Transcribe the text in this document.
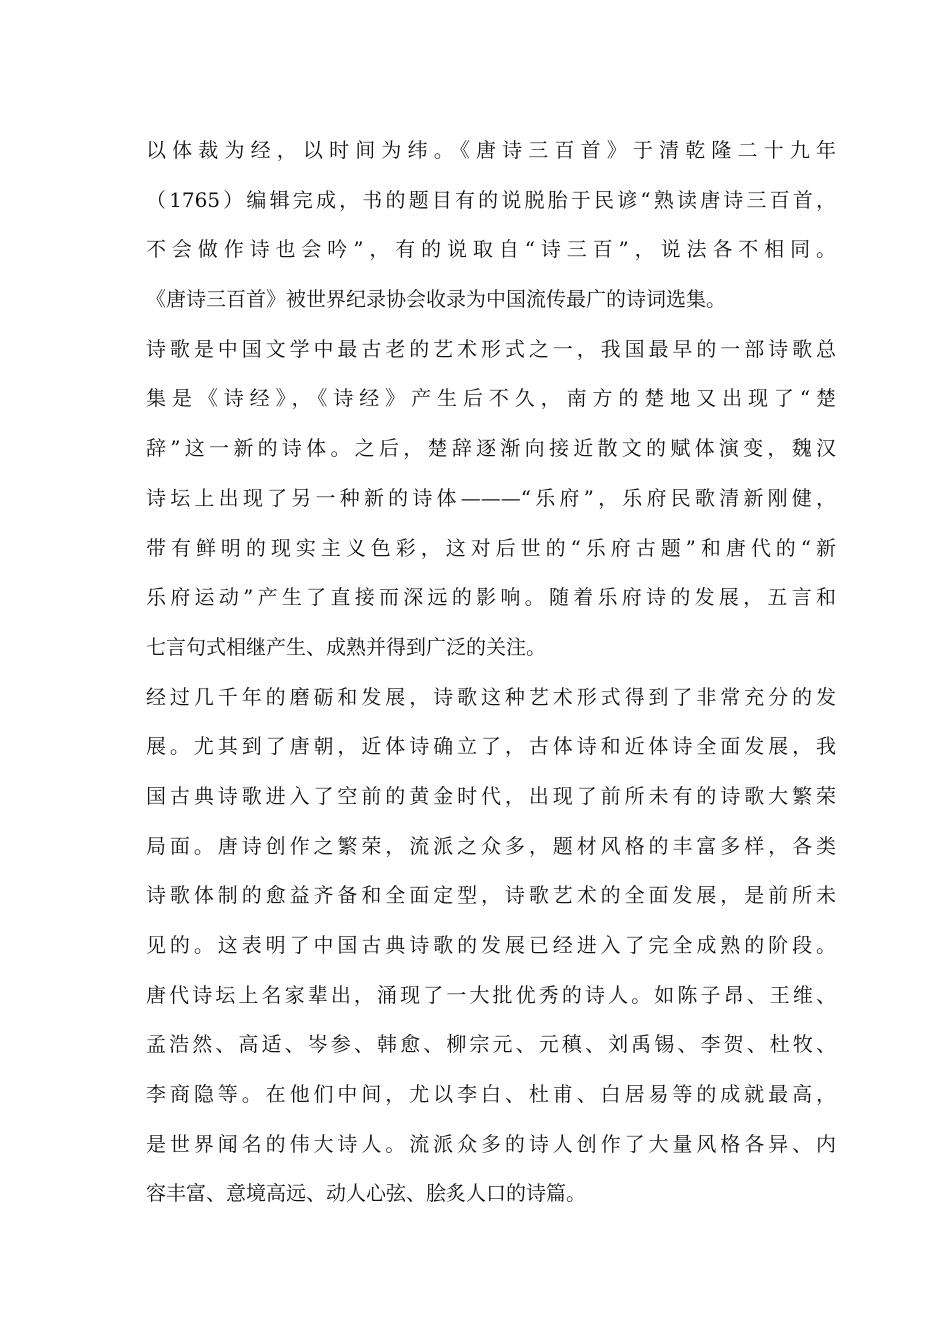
以体裁为经，以时间为纬。《唐诗三百首》于清乾隆二十九年
（1765）编辑完成，书的题目有的说脱胎于民谚“熟读唐诗三百首，
不会做作诗也会吟”，有的说取自“诗三百”，说法各不相同。
《唐诗三百首》被世界纪录协会收录为中国流传最广的诗词选集。
诗歌是中国文学中最古老的艺术形式之一，我国最早的一部诗歌总
集是《诗经》，《诗经》产生后不久，南方的楚地又出现了“楚
辞”这一新的诗体。之后，楚辞逐渐向接近散文的赋体演变，魏汉
诗坛上出现了另一种新的诗体———“乐府”，乐府民歌清新刚健，
带有鲜明的现实主义色彩，这对后世的“乐府古题”和唐代的“新
乐府运动”产生了直接而深远的影响。随着乐府诗的发展，五言和
七言句式相继产生、成熟并得到广泛的关注。
经过几千年的磨砺和发展，诗歌这种艺术形式得到了非常充分的发
展。尤其到了唐朝，近体诗确立了，古体诗和近体诗全面发展，我
国古典诗歌进入了空前的黄金时代，出现了前所未有的诗歌大繁荣
局面。唐诗创作之繁荣，流派之众多，题材风格的丰富多样，各类
诗歌体制的愈益齐备和全面定型，诗歌艺术的全面发展，是前所未
见的。这表明了中国古典诗歌的发展已经进入了完全成熟的阶段。
唐代诗坛上名家辈出，涌现了一大批优秀的诗人。如陈子昂、王维、
孟浩然、高适、岑参、韩愈、柳宗元、元稹、刘禹锡、李贺、杜牧、
李商隐等。在他们中间，尤以李白、杜甫、白居易等的成就最高，
是世界闻名的伟大诗人。流派众多的诗人创作了大量风格各异、内
容丰富、意境高远、动人心弦、脍炙人口的诗篇。
